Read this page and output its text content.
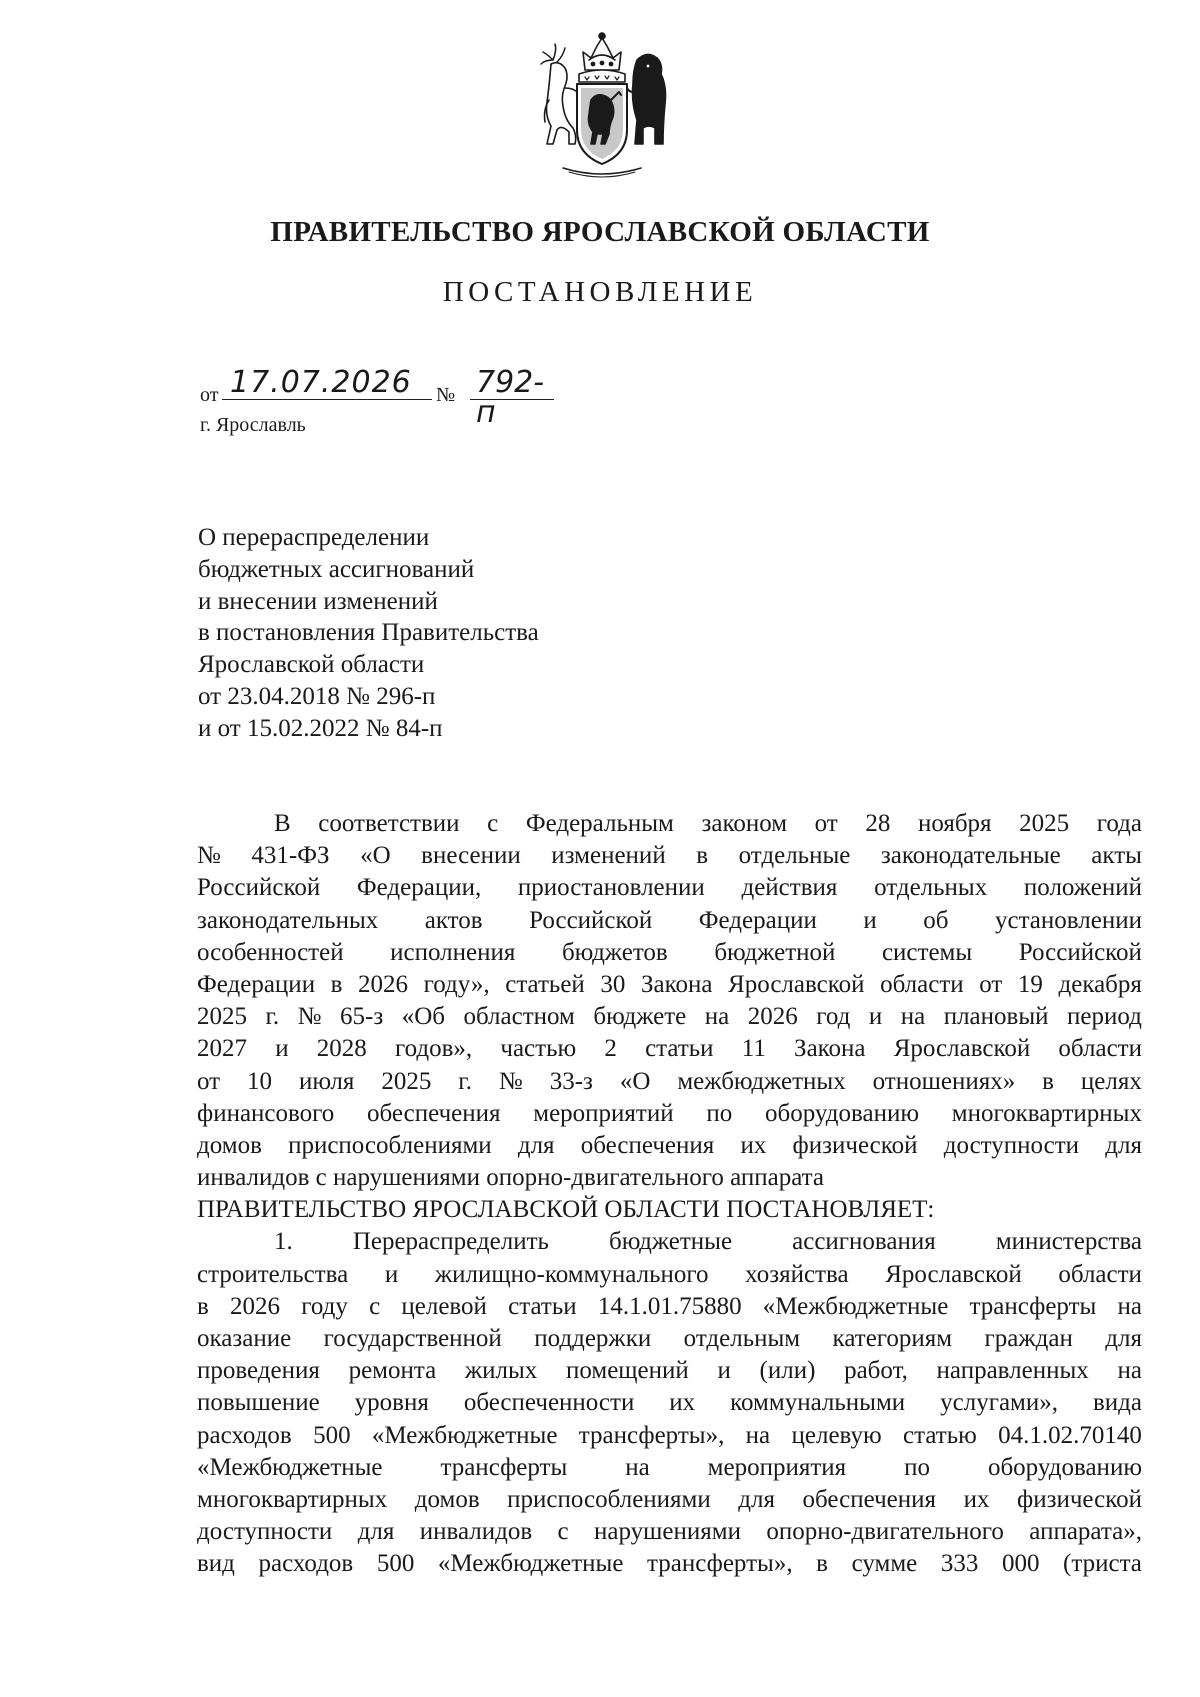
ПРАВИТЕЛЬСТВО ЯРОСЛАВСКОЙ ОБЛАСТИ
ПОСТАНОВЛЕНИЕ
от 17.07.2026	№ 792-п
г. Ярославль
О перераспределении
бюджетных ассигнований
и внесении изменений
в постановления Правительства
Ярославской области
от 23.04.2018 № 296-п
и от 15.02.2022 № 84-п
В соответствии с Федеральным законом от 28 ноября 2025 года
№ 431-ФЗ «О внесении изменений в отдельные законодательные акты
Российской Федерации, приостановлении действия отдельных положений
законодательных актов Российской Федерации и об установлении
особенностей исполнения бюджетов бюджетной системы Российской
Федерации в 2026 году», статьей 30 Закона Ярославской области от 19 декабря
2025 г. № 65-з «Об областном бюджете на 2026 год и на плановый период
2027 и 2028 годов», частью 2 статьи 11 Закона Ярославской области
от 10 июля 2025 г. № 33-з «О межбюджетных отношениях» в целях
финансового обеспечения мероприятий по оборудованию многоквартирных
домов приспособлениями для обеспечения их физической доступности для
инвалидов с нарушениями опорно-двигательного аппарата
ПРАВИТЕЛЬСТВО ЯРОСЛАВСКОЙ ОБЛАСТИ ПОСТАНОВЛЯЕТ:
1. Перераспределить бюджетные ассигнования министерства
строительства и жилищно-коммунального хозяйства Ярославской области
в 2026 году с целевой статьи 14.1.01.75880 «Межбюджетные трансферты на
оказание государственной поддержки отдельным категориям граждан для
проведения ремонта жилых помещений и (или) работ, направленных на
повышение уровня обеспеченности их коммунальными услугами», вида
расходов 500 «Межбюджетные трансферты», на целевую статью 04.1.02.70140
«Межбюджетные трансферты на мероприятия по оборудованию
многоквартирных домов приспособлениями для обеспечения их физической
доступности для инвалидов с нарушениями опорно-двигательного аппарата»,
вид расходов 500 «Межбюджетные трансферты», в сумме 333 000 (триста
